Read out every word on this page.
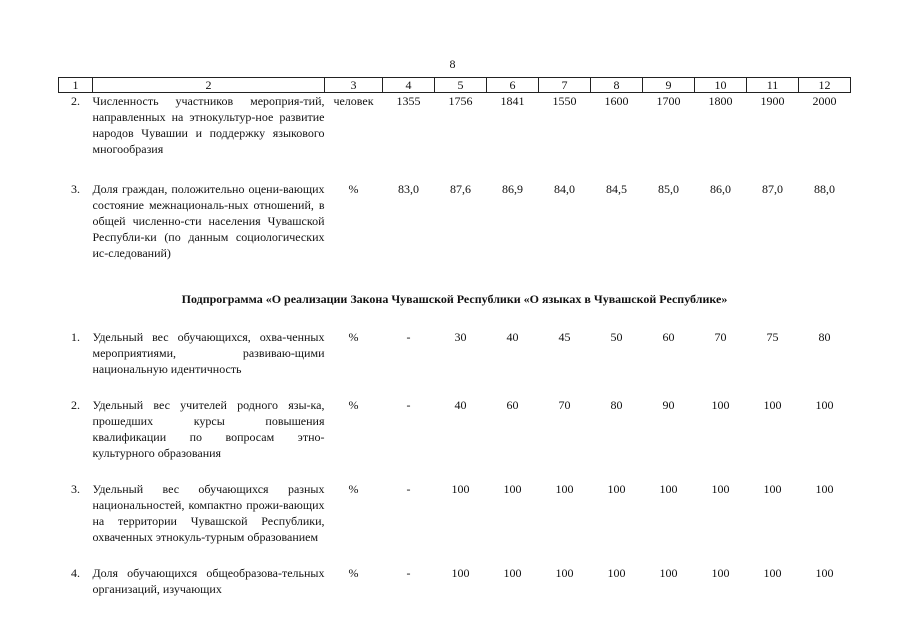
8
1	2	3	4	5	6	7	8	9	10	11	12
2.	Численность участников мероприя-тий, направленных на этнокультур-ное развитие народов Чувашии и поддержку языкового многообразия	человек	1355	1756	1841	1550	1600	1700	1800	1900	2000
3.	Доля граждан, положительно оцени-вающих состояние межнациональ-ных отношений, в общей численно-сти населения Чувашской Республи-ки (по данным социологических ис-следований)	%	83,0	87,6	86,9	84,0	84,5	85,0	86,0	87,0	88,0
Подпрограмма «О реализации Закона Чувашской Республики «О языках в Чувашской Республике»											
1.	Удельный вес обучающихся, охва-ченных мероприятиями, развиваю-щими национальную идентичность	%	-	30	40	45	50	60	70	75	80
2.	Удельный вес учителей родного язы-ка, прошедших курсы повышения квалификации по вопросам этно-культурного образования	%	-	40	60	70	80	90	100	100	100
3.	Удельный вес обучающихся разных национальностей, компактно прожи-вающих на территории Чувашской Республики, охваченных этнокуль-турным образованием	%	-	100	100	100	100	100	100	100	100
4.	Доля обучающихся общеобразова-тельных организаций, изучающих	%	-	100	100	100	100	100	100	100	100
